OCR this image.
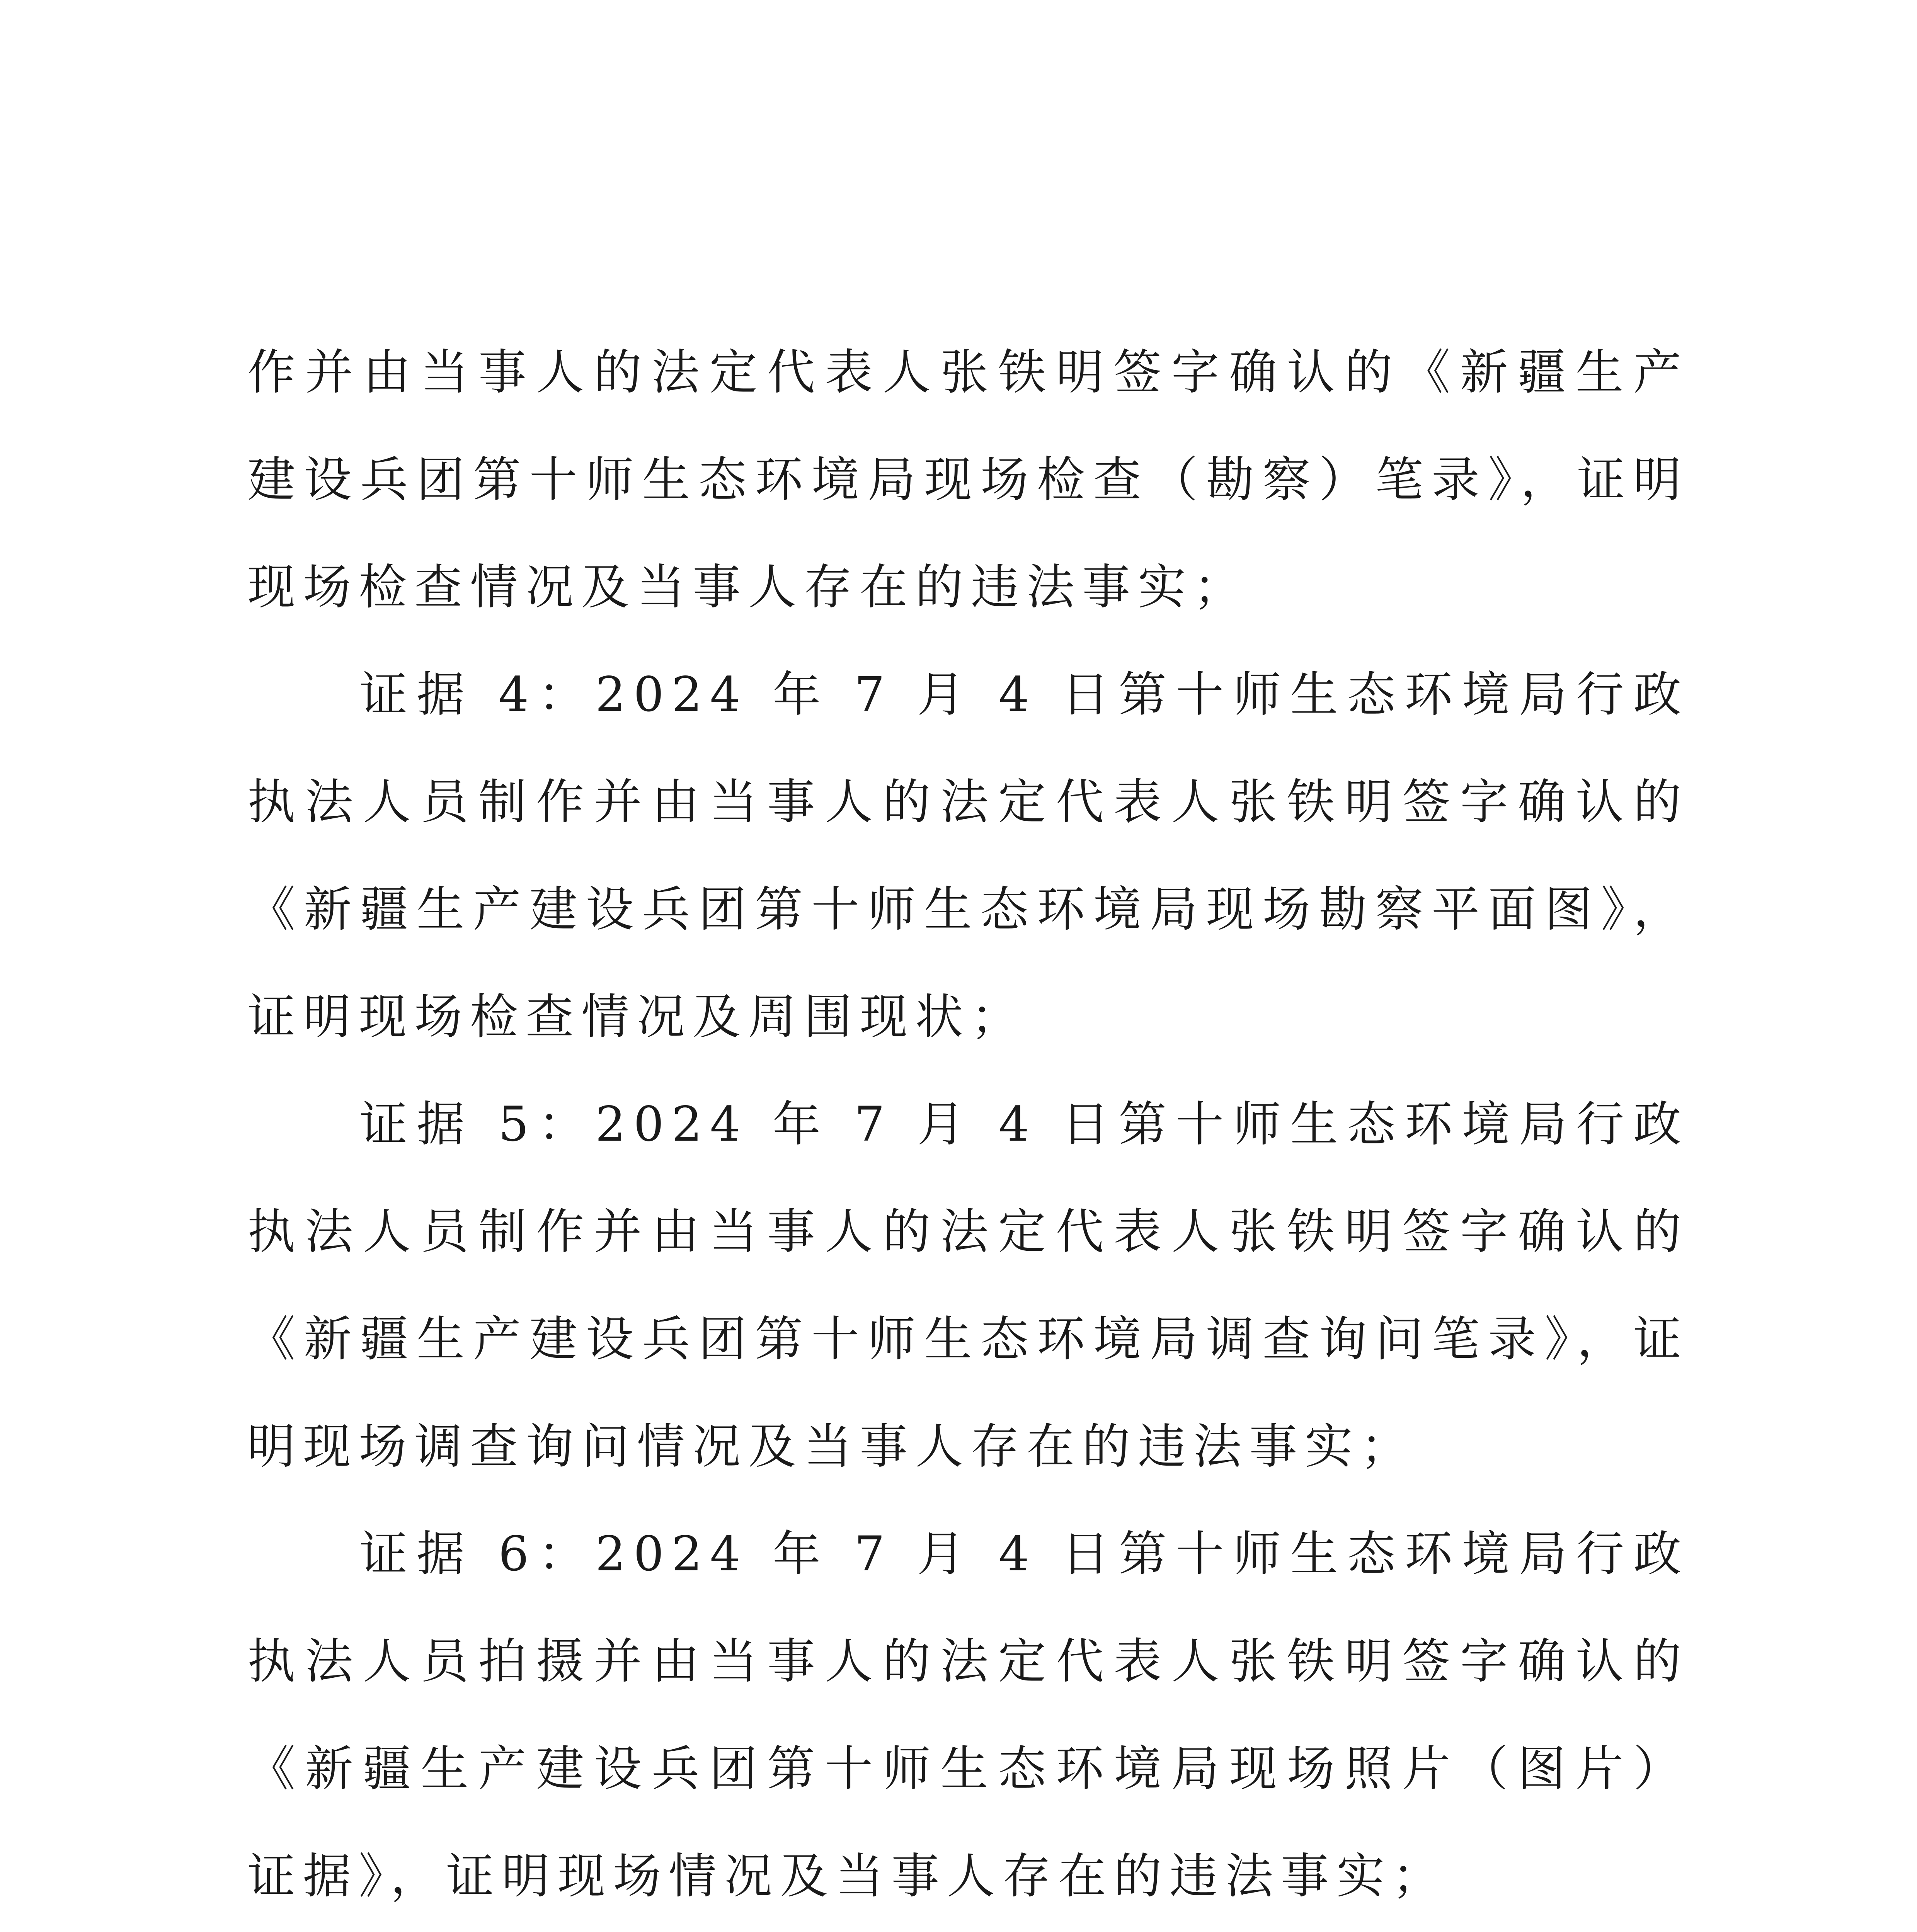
作并由当事人的法定代表人张铁明签字确认的《新疆生产建设兵团第十师生态环境局现场检查（勘察）笔录》，证明现场检查情况及当事人存在的违法事实；

证据 4：2024 年 7 月 4 日第十师生态环境局行政执法人员制作并由当事人的法定代表人张铁明签字确认的《新疆生产建设兵团第十师生态环境局现场勘察平面图》，证明现场检查情况及周围现状；

证据 5：2024 年 7 月 4 日第十师生态环境局行政执法人员制作并由当事人的法定代表人张铁明签字确认的《新疆生产建设兵团第十师生态环境局调查询问笔录》，证明现场调查询问情况及当事人存在的违法事实；

证据 6：2024 年 7 月 4 日第十师生态环境局行政执法人员拍摄并由当事人的法定代表人张铁明签字确认的《新疆生产建设兵团第十师生态环境局现场照片（图片）证据》，证明现场情况及当事人存在的违法事实；
